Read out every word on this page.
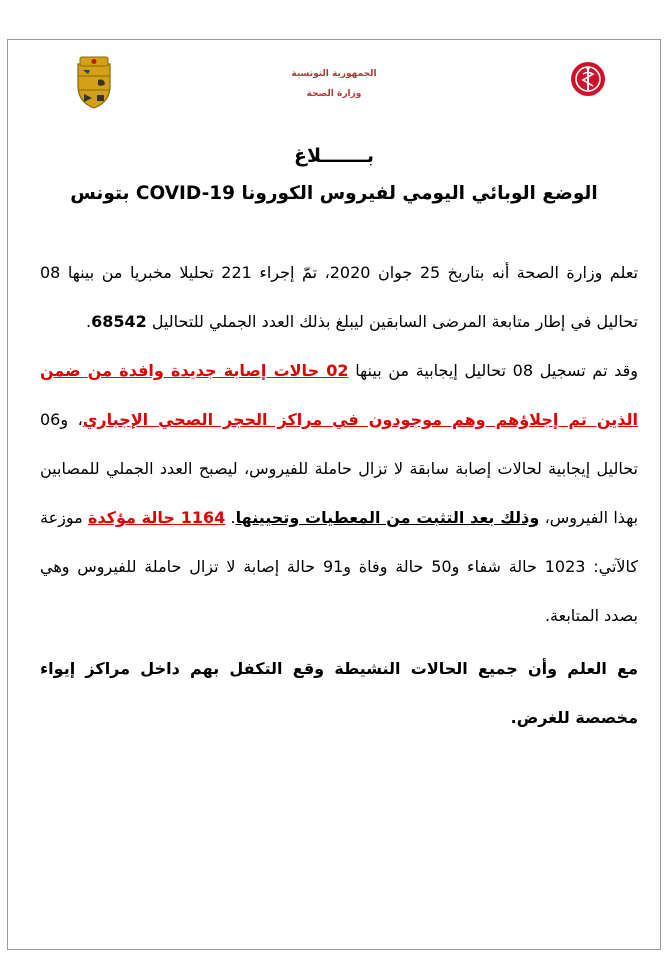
الجمهورية التونسية
وزارة الصحة

بـــــــلاغ

الوضع الوبائي اليومي لفيروس الكورونا COVID-19 بتونس

تعلم وزارة الصحة أنه بتاريخ 25 جوان 2020، تمّ إجراء 221 تحليلا مخبريا من بينها 08 تحاليل في إطار متابعة المرضى السابقين ليبلغ بذلك العدد الجملي للتحاليل 68542.

وقد تم تسجيل 08 تحاليل إيجابية من بينها 02 حالات إصابة جديدة وافدة من ضمن الذين تم إجلاؤهم وهم موجودون في مراكز الحجر الصحي الإجباري، و06 تحاليل إيجابية لحالات إصابة سابقة لا تزال حاملة للفيروس، ليصبح العدد الجملي للمصابين بهذا الفيروس، وذلك بعد التثبت من المعطيات وتحيينها. 1164 حالة مؤكدة موزعة كالآتي: 1023 حالة شفاء و50 حالة وفاة و91 حالة إصابة لا تزال حاملة للفيروس وهي بصدد المتابعة.

مع العلم وأن جميع الحالات النشيطة وقع التكفل بهم داخل مراكز إيواء مخصصة للغرض.
